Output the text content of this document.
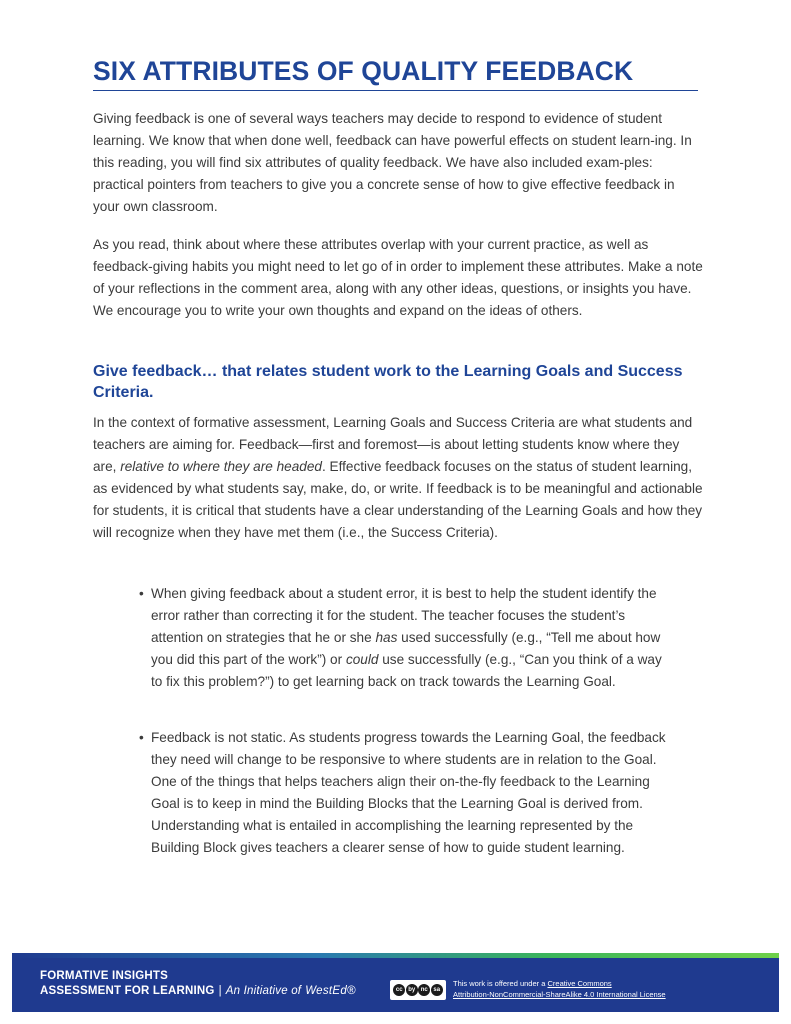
SIX ATTRIBUTES OF QUALITY FEEDBACK

Giving feedback is one of several ways teachers may decide to respond to evidence of student learning. We know that when done well, feedback can have powerful effects on student learn-ing. In this reading, you will find six attributes of quality feedback. We have also included exam-ples: practical pointers from teachers to give you a concrete sense of how to give effective feedback in your own classroom.

As you read, think about where these attributes overlap with your current practice, as well as feedback-giving habits you might need to let go of in order to implement these attributes. Make a note of your reflections in the comment area, along with any other ideas, questions, or insights you have. We encourage you to write your own thoughts and expand on the ideas of others.

Give feedback… that relates student work to the Learning Goals and Success Criteria.

In the context of formative assessment, Learning Goals and Success Criteria are what students and teachers are aiming for. Feedback—first and foremost—is about letting students know where they are, relative to where they are headed. Effective feedback focuses on the status of student learning, as evidenced by what students say, make, do, or write. If feedback is to be meaningful and actionable for students, it is critical that students have a clear understanding of the Learning Goals and how they will recognize when they have met them (i.e., the Success Criteria).

• When giving feedback about a student error, it is best to help the student identify the error rather than correcting it for the student. The teacher focuses the student’s attention on strategies that he or she has used successfully (e.g., “Tell me about how you did this part of the work”) or could use successfully (e.g., “Can you think of a way to fix this problem?”) to get learning back on track towards the Learning Goal.
• Feedback is not static. As students progress towards the Learning Goal, the feedback they need will change to be responsive to where students are in relation to the Goal. One of the things that helps teachers align their on-the-fly feedback to the Learning Goal is to keep in mind the Building Blocks that the Learning Goal is derived from. Understanding what is entailed in accomplishing the learning represented by the Building Block gives teachers a clearer sense of how to guide student learning.
FORMATIVE INSIGHTS
ASSESSMENT FOR LEARNING | An Initiative of WestEd®	cc by nc sa
This work is offered under a Creative Commons
Attribution-NonCommercial-ShareAlike 4.0 International License
